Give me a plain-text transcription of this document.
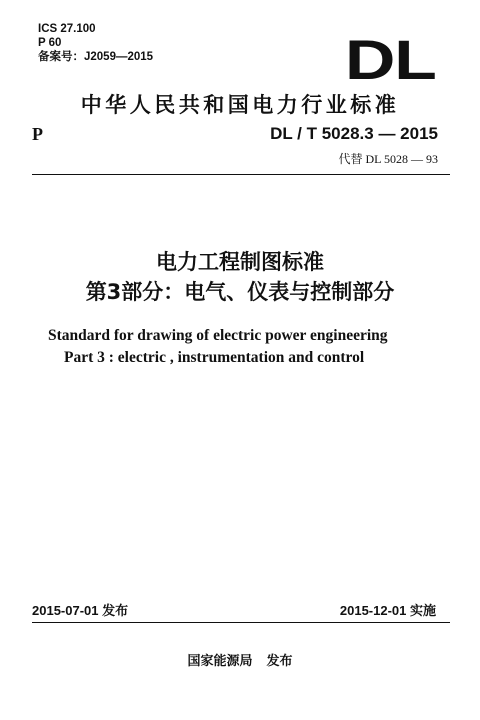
ICS 27.100
P 60
备案号：J2059—2015	DL
中华人民共和国电力行业标准
P	DL / T 5028.3 — 2015
代替 DL 5028 — 93
电力工程制图标准
第3部分：电气、仪表与控制部分
Standard for drawing of electric power engineering
Part 3 : electric , instrumentation and control
2015-07-01 发布	2015-12-01 实施
国家能源局 发布
